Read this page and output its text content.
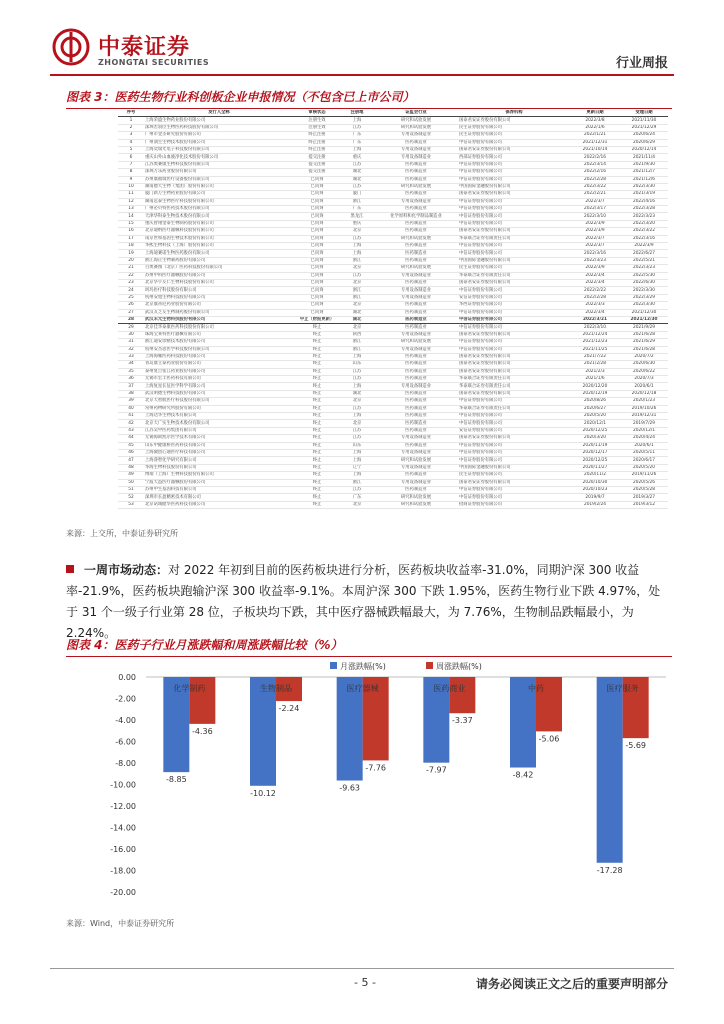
中泰证券
ZHONGTAI SECURITIES	行业周报
图表 3：医药生物行业科创板企业申报情况（不包含已上市公司）
序号	发行人全称	审核状态	注册地	证监会行业	保荐机构	更新日期	受理日期
1	上海荣盛生物药业股份有限公司	注册生效	上海	研究和试验发展	国泰君安证券股份有限公司	2022/3/8	2021/11/30
2	深圳若羽臣生物医药科技股份有限公司	注册生效	江苏	研究和试验发展	民生证券股份有限公司	2022/1/6	2021/12/29
3	广州市金圣研究股份有限公司	终止注册	广东	专用设备制造业	民生证券股份有限公司	2022/1/21	2020/6/24
4	广州润生生物技术股份有限公司	终止注册	广东	医药制造业	中信证券股份有限公司	2021/12/31	2020/6/29
5	上海奕瑞光电子科技股份有限公司	终止注册	上海	专用设备制造业	国泰君安证券股份有限公司	2021/10/14	2020/12/14
6	重庆山外山血液净化技术股份有限公司	提交注册	重庆	专用设备制造业	西部证券股份有限公司	2022/2/16	2021/11/4
7	江苏奥赛康生物科技股份有限公司	提交注册	江苏	医药制造业	中信证券股份有限公司	2022/3/14	2021/9/30
8	深圳万乐药业股份有限公司	提交注册	湖北	医药制造业	中信证券股份有限公司	2022/2/16	2021/12/7
9	苏州康福瑞医疗设备股份有限公司	已问询	湖北	医药制造业	中信证券股份有限公司	2022/2/28	2021/12/6
10	湖南德天生物（集团）股份有限公司	已问询	江苏	研究和试验发展	中国国际金融股份有限公司	2022/3/22	2022/3/30
11	厦门新万生物药业股份有限公司	已问询	厦门	医药制造业	国泰君安证券股份有限公司	2022/2/21	2021/3/19
12	湖南远泰生物医疗科技股份有限公司	已问询	浙江	专用设备制造业	中信证券股份有限公司	2022/3/7	2022/4/16
13	广州必贝特医药技术股份有限公司	已问询	广东	医药制造业	中信证券股份有限公司	2022/3/17	2022/3/28
14	天津华科泰生物技术股份有限公司	已问询	黑龙江	化学原料和化学制品制造业	中信证券股份有限公司	2022/3/10	2022/3/23
15	重庆智翔金泰生物制药股份有限公司	已问询	重庆	医药制造业	中信证券股份有限公司	2022/3/9	2022/3/20
16	北京迪纳医疗器械科技股份有限公司	已问询	北京	医药制造业	国泰君安证券股份有限公司	2022/3/9	2022/3/22
17	南京世和基因生物技术股份有限公司	已问询	江苏	研究和试验发展	华泰联合证券有限责任公司	2022/3/7	2022/3/16
18	华熙生物科技（上海）股份有限公司	已问询	上海	医药制造业	中信证券股份有限公司	2022/3/7	2022/3/9
19	上海迪赛诺生物医药股份有限公司	已问询	上海	医药制造业	中信证券股份有限公司	2022/3/16	2022/6/27
20	浙江海正生物制药股份有限公司	已问询	浙江	医药制造业	中国国际金融股份有限公司	2022/3/23	2022/5/21
21	百奥赛图（北京）医药科技股份有限公司	已问询	北京	研究和试验发展	民生证券股份有限公司	2022/3/9	2022/3/23
22	苏州中科医疗器械股份有限公司	已问询	江苏	专用设备制造业	华泰联合证券有限责任公司	2022/3/4	2022/5/30
23	北京华宇友仁生物科技股份有限公司	已问询	北京	医药制造业	国泰君安证券股份有限公司	2022/3/4	2022/6/30
24	珂玛医疗科技股份有限公司	已问询	浙江	专用设备制造业	中信证券股份有限公司	2022/2/22	2022/3/30
25	杭州安旭生物科技股份有限公司	已问询	浙江	专用设备制造业	安信证券股份有限公司	2022/2/28	2022/3/29
26	北京康蒂尼药业股份有限公司	已问询	北京	医药制造业	华西证券股份有限公司	2022/3/3	2022/3/30
27	武汉友芝友生物制药股份有限公司	已问询	湖北	医药制造业	中信证券股份有限公司	2022/3/4	2021/12/30
28	武汉禾元生物科技股份有限公司	中止（财报更新）	湖北	医药制造业	中信证券股份有限公司	2022/3/21	2021/12/30
29	北京佳华泰康医药科技股份有限公司	终止	北京	医药制造业	中信证券股份有限公司	2022/3/10	2021/9/29
30	珠海宝莱特医疗器械有限公司	终止	陕西	专用设备制造业	国泰君安证券股份有限公司	2021/12/24	2021/6/28
31	浙江迪安诊断技术股份有限公司	终止	浙江	研究和试验发展	中信证券股份有限公司	2021/12/23	2021/6/29
32	杭州安杰思医学科技股份有限公司	终止	浙江	专用设备制造业	中信证券股份有限公司	2021/11/25	2021/6/28
33	上海海雁医药科技股份有限公司	终止	上海	医药制造业	国泰君安证券股份有限公司	2021/7/22	2020/7/2
34	青岛康立泰药业股份有限公司	终止	山东	医药制造业	国泰君安证券股份有限公司	2021/2/28	2020/6/30
35	泰州复旦张江药业股份有限公司	终止	江苏	医药制造业	国泰君安证券股份有限公司	2021/2/3	2020/6/22
36	无锡市宏丰医药科技有限公司	终止	江苏	医药制造业	华泰联合证券有限责任公司	2021/1/6	2020/7/3
37	上海复星长征医学科学有限公司	终止	上海	专用设备制造业	华泰联合证券有限责任公司	2020/12/20	2020/6/1
38	武汉明德生物科技股份有限公司	终止	湖北	医药制造业	国泰君安证券股份有限公司	2020/12/19	2020/12/18
39	北京天智航医疗科技股份有限公司	终止	北京	医药制造业	中信证券股份有限公司	2020/8/26	2020/1/23
40	常州药物研究所股份有限公司	终止	江苏	医药制造业	华泰联合证券有限责任公司	2020/6/27	2019/10/26
41	上海达华生物技术有限公司	终止	上海	医药制造业	中信证券股份有限公司	2020/5/20	2019/12/31
42	北京天广实生物技术股份有限公司	终止	北京	医药制造业	中信证券股份有限公司	2020/12/1	2019/7/29
43	江苏吴中医药集团有限公司	终止	江苏	医药制造业	安信证券股份有限公司	2020/12/25	2020/12/1
44	无锡海斯凯尔医学技术有限公司	终止	江苏	专用设备制造业	国泰君安证券股份有限公司	2020/3/20	2020/4/24
45	山东中健康桥医药科技有限公司	终止	山东	医药制造业	中信证券股份有限公司	2020/11/19	2020/6/1
46	上海微创心通医疗科技有限公司	终止	上海	专用设备制造业	中信证券股份有限公司	2020/12/17	2020/5/11
47	上海睿智化学研究有限公司	终止	上海	研究和试验发展	中信证券股份有限公司	2020/12/25	2020/6/17
48	华海生物科技股份有限公司	终止	辽宁	专用设备制造业	中国国际金融股份有限公司	2020/11/27	2020/5/20
49	博瑞（上海）生物科技股份有限公司	终止	上海	医药制造业	民生证券股份有限公司	2020/11/2	2019/11/26
50	宁波天益医疗器械股份有限公司	终止	浙江	专用设备制造业	国泰君安证券股份有限公司	2020/10/30	2020/5/26
51	苏州中生基因科技有限公司	终止	江苏	医药制造业	中信证券股份有限公司	2020/10/23	2020/5/28
52	深圳市长盈精密技术有限公司	终止	广东	研究和试验发展	中信证券股份有限公司	2019/9/7	2019/3/27
53	北京诺诚健华医药科技有限公司	终止	北京	研究和试验发展	招商证券股份有限公司	2019/2/24	2019/3/12
来源：上交所，中泰证券研究所
一周市场动态：对 2022 年初到目前的医药板块进行分析，医药板块收益率-31.0%，同期沪深 300 收益率-21.9%，医药板块跑输沪深 300 收益率-9.1%。本周沪深 300 下跌 1.95%，医药生物行业下跌 4.97%，处于 31 个一级子行业第 28 位，子板块均下跌，其中医疗器械跌幅最大，为 7.76%，生物制品跌幅最小，为 2.24%。
图表 4：医药子行业月涨跌幅和周涨跌幅比较（%）
0.00
-2.00
-4.00
-6.00
-8.00
-10.00
-12.00
-14.00
-16.00
-18.00
-20.00
月涨跌幅(%)	周涨跌幅(%)
-8.85
-4.36
化学制药
-10.12
-2.24
生物制品
-9.63
-7.76
医疗器械
-7.97
-3.37
医药商业
-8.42
-5.06
中药
-17.28
-5.69
医疗服务
来源：Wind，中泰证券研究所
- 5 -	请务必阅读正文之后的重要声明部分
